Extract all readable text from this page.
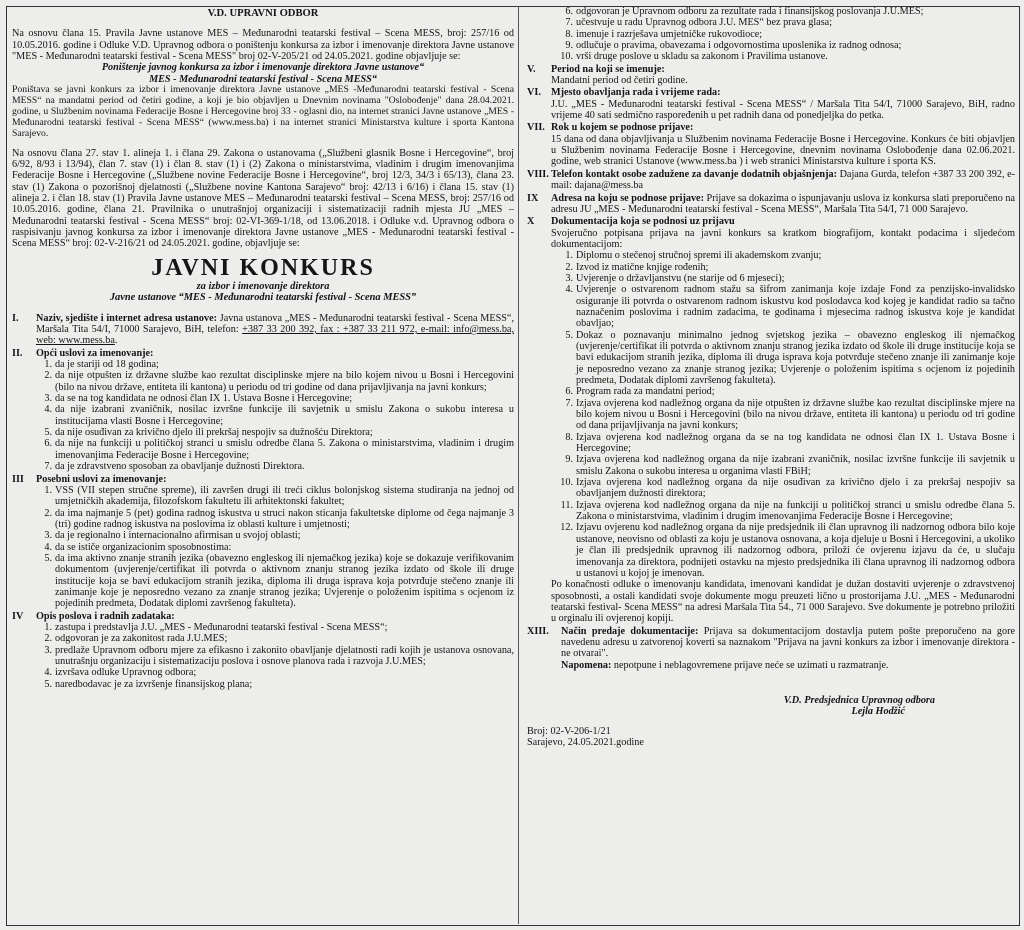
V.D. UPRAVNI ODBOR

Na osnovu člana 15. Pravila Javne ustanove MES – Međunarodni teatarski festival – Scena MESS, broj: 257/16 od 10.05.2016. godine i Odluke V.D. Upravnog odbora o poništenju konkursa za izbor i imenovanje direktora Javne ustanove "MES - Međunarodni teatarski festival - Scena MESS" broj 02-V-205/21 od 24.05.2021. godine objavljuje se:

Poništenje javnog konkursa za izbor i imenovanje direktora Javne ustanove“

MES - Međunarodni teatarski festival - Scena MESS“

Poništava se javni konkurs za izbor i imenovanje direktora Javne ustanove „MES -Međunarodni teatarski festival - Scena MESS“ na mandatni period od četiri godine, a koji je bio objavljen u Dnevnim novinama "Oslobođenje" dana 28.04.2021. godine, u Službenim novinama Federacije Bosne i Hercegovine broj 33 - oglasni dio, na internet stranici Javne ustanove „MES - Međunarodni teatarski festival - Scena MESS“ (www.mess.ba) i na internet stranici Ministarstva kulture i sporta Kantona Sarajevo.

Na osnovu člana 27. stav 1. alineja 1. i člana 29. Zakona o ustanovama („Službeni glasnik Bosne i Hercegovine“, broj 6/92, 8/93 i 13/94), član 7. stav (1) i član 8. stav (1) i (2) Zakona o ministarstvima, vladinim i drugim imenovanjima Federacije Bosne i Hercegovine („Službene novine Federacije Bosne i Hercegovine“, broj 12/3, 34/3 i 65/13), člana 23. stav (1) Zakona o pozorišnoj djelatnosti („Službene novine Kantona Sarajevo“ broj: 42/13 i 6/16) i člana 15. stav (1) alineja 2. i član 18. stav (1) Pravila Javne ustanove MES – Međunarodni teatarski festival – Scena MESS, broj: 257/16 od 10.05.2016. godine, člana 21. Pravilnika o unutrašnjoj organizaciji i sistematizaciji radnih mjesta JU „MES – Međunarodni teatarski festival - Scena MESS“ broj: 02-VI-369-1/18, od 13.06.2018. i Odluke v.d. Upravnog odbora o raspisivanju javnog konkursa za izbor i imenovanje direktora Javne ustanove „MES - Međunarodni teatarski festival - Scena MESS“ broj: 02-V-216/21 od 24.05.2021. godine, objavljuje se:

JAVNI KONKURS
za izbor i imenovanje direktora
Javne ustanove “MES - Međunarodni teatarski festival - Scena MESS”
I.	Naziv, sjedište i internet adresa ustanove: Javna ustanova „MES - Međunarodni teatarski festival - Scena MESS“, Maršala Tita 54/I, 71000 Sarajevo, BiH, telefon: +387 33 200 392, fax : +387 33 211 972, e-mail: info@mess.ba, web: www.mess.ba.

II.	Opći uslovi za imenovanje:
1. da je stariji od 18 godina;
2. da nije otpušten iz državne službe kao rezultat disciplinske mjere na bilo kojem nivou u Bosni i Hercegovini (bilo na nivou države, entiteta ili kantona) u periodu od tri godine od dana prijavljivanja na javni konkurs;
3. da se na tog kandidata ne odnosi član IX 1. Ustava Bosne i Hercegovine;
4. da nije izabrani zvaničnik, nosilac izvršne funkcije ili savjetnik u smislu Zakona o sukobu interesa u institucijama vlasti Bosne i Hercegovine;
5. da nije osuđivan za krivično djelo ili prekršaj nespojiv sa dužnošću Direktora;
6. da nije na funkciji u političkoj stranci u smislu odredbe člana 5. Zakona o ministarstvima, vladinim i drugim imenovanjima Federacije Bosne i Hercegovine;
7. da je zdravstveno sposoban za obavljanje dužnosti Direktora.
III	Posebni uslovi za imenovanje:
1. VSS (VII stepen stručne spreme), ili završen drugi ili treći ciklus bolonjskog sistema studiranja na jednoj od umjetničkih akademija, filozofskom fakultetu ili arhitektonski fakultet;
2. da ima najmanje 5 (pet) godina radnog iskustva u struci nakon sticanja fakultetske diplome od čega najmanje 3 (tri) godine radnog iskustva na poslovima iz oblasti kulture i umjetnosti;
3. da je regionalno i internacionalno afirmisan u svojoj oblasti;
4. da se ističe organizacionim sposobnostima:
5. da ima aktivno znanje stranih jezika (obavezno engleskog ili njemačkog jezika) koje se dokazuje verifikovanim dokumentom (uvjerenje/certifikat ili potvrda o aktivnom znanju stranog jezika izdato od škole ili druge institucije koja se bavi edukacijom stranih jezika, diploma ili druga isprava koja potvrđuje stečeno znanje ili zanimanje koje je neposredno vezano za znanje stranog jezika; Uvjerenje o položenim ispitima s ocjenom iz pojedinih predmeta, Dodatak diplomi završenog fakulteta).
IV	Opis poslova i radnih zadataka:
1. zastupa i predstavlja J.U. „MES - Međunarodni teatarski festival - Scena MESS“;
2. odgovoran je za zakonitost rada J.U.MES;
3. predlaže Upravnom odboru mjere za efikasno i zakonito obavljanje djelatnosti radi kojih je ustanova osnovana, unutrašnju organizaciju i sistematizaciju poslova i osnove planova rada i razvoja J.U.MES;
4. izvršava odluke Upravnog odbora;
5. naredbodavac je za izvršenje finansijskog plana;
6. odgovoran je Upravnom odboru za rezultate rada i finansijskog poslovanja J.U.MES;
7. učestvuje u radu Upravnog odbora J.U. MES“ bez prava glasa;
8. imenuje i razrješava umjetničke rukovodioce;
9. odlučuje o pravima, obavezama i odgovornostima uposlenika iz radnog odnosa;
10. vrši druge poslove u skladu sa zakonom i Pravilima ustanove.
V.	Period na koji se imenuje:

Mandatni period od četiri godine.

VI. Mjesto obavljanja rada i vrijeme rada:

J.U. „MES - Međunarodni teatarski festival - Scena MESS“ / Maršala Tita 54/I, 71000 Sarajevo, BiH, radno vrijeme 40 sati sedmično raspoređenih u pet radnih dana od ponedjeljka do petka.

VII. Rok u kojem se podnose prijave:

15 dana od dana objavljivanja u Službenim novinama Federacije Bosne i Hercegovine. Konkurs će biti objavljen u Službenim novinama Federacije Bosne i Hercegovine, dnevnim novinama Oslobođenje dana 02.06.2021. godine, web stranici Ustanove (www.mess.ba ) i web stranici Ministarstva kulture i sporta KS.

VIII. Telefon kontakt osobe zadužene za davanje dodatnih objašnjenja: Dajana Gurda, telefon +387 33 200 392, e-mail: dajana@mess.ba

IX	Adresa na koju se podnose prijave: Prijave sa dokazima o ispunjavanju uslova iz konkursa slati preporučeno na adresu JU „MES - Međunarodni teatarski festival - Scena MESS“, Maršala Tita 54/I, 71 000 Sarajevo.

X	Dokumentacija koja se podnosi uz prijavu

Svojeručno potpisana prijava na javni konkurs sa kratkom biografijom, kontakt podacima i sljedećom dokumentacijom:

1. Diplomu o stečenoj stručnoj spremi ili akademskom zvanju;
2. Izvod iz matične knjige rođenih;
3. Uvjerenje o državljanstvu (ne starije od 6 mjeseci);
4. Uvjerenje o ostvarenom radnom stažu sa šifrom zanimanja koje izdaje Fond za penzijsko-invalidsko osiguranje ili potvrda o ostvarenom radnom iskustvu kod poslodavca kod kojeg je kandidat radio sa tačno naznačenim poslovima i radnim zadacima, te godinama i mjesecima radnog iskustva koje je kandidat obavljao;
5. Dokaz o poznavanju minimalno jednog svjetskog jezika – obavezno engleskog ili njemačkog (uvjerenje/certifikat ili potvrda o aktivnom znanju stranog jezika izdato od škole ili druge institucije koja se bavi edukacijom stranih jezika, diploma ili druga isprava koja potvrđuje stečeno znanje ili zanimanje koje je neposredno vezano za znanje stranog jezika; Uvjerenje o položenim ispitima s ocjenom iz pojedinih predmeta, Dodatak diplomi završenog fakulteta).
6. Program rada za mandatni period;
7. Izjava ovjerena kod nadležnog organa da nije otpušten iz državne službe kao rezultat disciplinske mjere na bilo kojem nivou u Bosni i Hercegovini (bilo na nivou države, entiteta ili kantona) u periodu od tri godine od dana prijavljivanja na javni konkurs;
8. Izjava ovjerena kod nadležnog organa da se na tog kandidata ne odnosi član IX 1. Ustava Bosne i Hercegovine;
9. Izjava ovjerena kod nadležnog organa da nije izabrani zvaničnik, nosilac izvršne funkcije ili savjetnik u smislu Zakona o sukobu interesa u organima vlasti FBiH;
10. Izjava ovjerena kod nadležnog organa da nije osuđivan za krivično djelo i za prekršaj nespojiv sa obavljanjem dužnosti direktora;
11. Izjava ovjerena kod nadležnog organa da nije na funkciji u političkoj stranci u smislu odredbe člana 5. Zakona o ministarstvima, vladinim i drugim imenovanjima Federacije Bosne i Hercegovine;
12. Izjavu ovjerenu kod nadležnog organa da nije predsjednik ili član upravnog ili nadzornog odbora bilo koje ustanove, neovisno od oblasti za koju je ustanova osnovana, a koja djeluje u Bosni i Hercegovini, a ukoliko je član ili predsjednik upravnog ili nadzornog odbora, priloži će ovjerenu izjavu da će, u slučaju imenovanja za direktora, podnijeti ostavku na mjesto predsjednika ili člana upravnog ili nadzornog odbora u ustanovi u kojoj je imenovan.

Po konačnosti odluke o imenovanju kandidata, imenovani kandidat je dužan dostaviti uvjerenje o zdravstvenoj sposobnosti, a ostali kandidati svoje dokumente mogu preuzeti lično u prostorijama J.U. „MES - Međunarodni teatarski festival- Scena MESS“ na adresi Maršala Tita 54., 71 000 Sarajevo. Sve dokumente je potrebno priložiti u orginalu ili ovjerenoj kopiji.

XIII.	Način predaje dokumentacije: Prijava sa dokumentacijom dostavlja putem pošte preporučeno na gore navedenu adresu u zatvorenoj koverti sa naznakom "Prijava na javni konkurs za izbor i imenovanje direktora - ne otvarai".

Napomena: nepotpune i neblagovremene prijave neće se uzimati u razmatranje.

V.D. Predsjednica Upravnog odbora
Lejla Hodžić

Broj: 02-V-206-1/21

Sarajevo, 24.05.2021.godine
